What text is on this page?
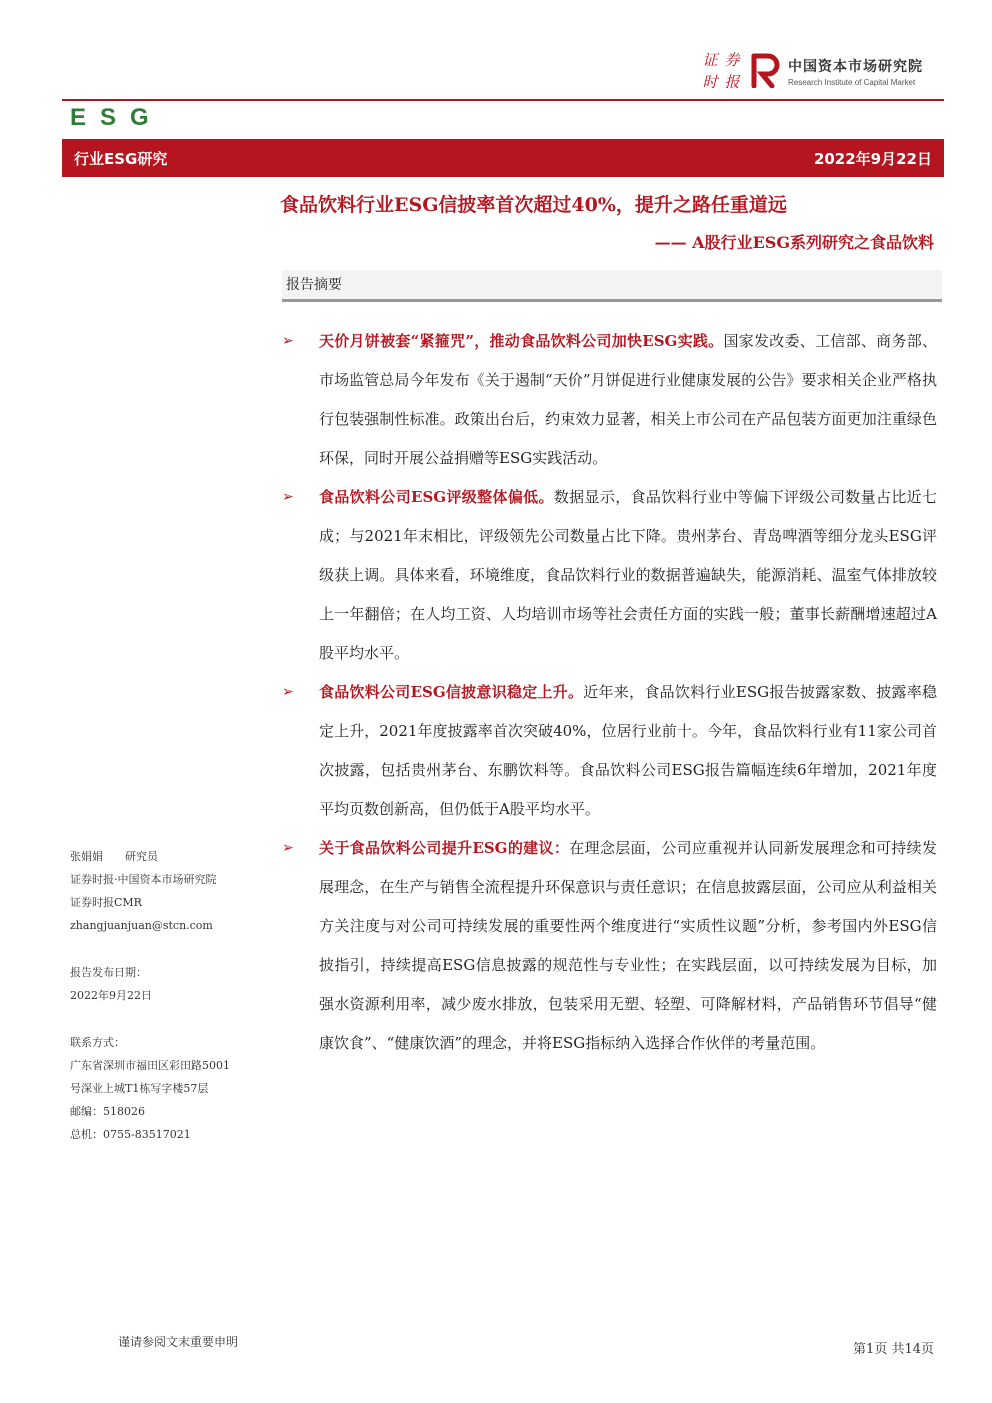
证 券
时 报
中国资本市场研究院
Research Institute of Capital Market
ESG
行业ESG研究	2022年9月22日
食品饮料行业ESG信披率首次超过40%，提升之路任重道远
—— A股行业ESG系列研究之食品饮料
报告摘要
➢ 天价月饼被套“紧箍咒”，推动食品饮料公司加快ESG实践。国家发改委、工信部、商务部、市场监管总局今年发布《关于遏制“天价”月饼促进行业健康发展的公告》要求相关企业严格执行包装强制性标准。政策出台后，约束效力显著，相关上市公司在产品包装方面更加注重绿色环保，同时开展公益捐赠等ESG实践活动。
➢ 食品饮料公司ESG评级整体偏低。数据显示，食品饮料行业中等偏下评级公司数量占比近七成；与2021年末相比，评级领先公司数量占比下降。贵州茅台、青岛啤酒等细分龙头ESG评级获上调。具体来看，环境维度，食品饮料行业的数据普遍缺失，能源消耗、温室气体排放较上一年翻倍；在人均工资、人均培训市场等社会责任方面的实践一般；董事长薪酬增速超过A股平均水平。
➢ 食品饮料公司ESG信披意识稳定上升。近年来，食品饮料行业ESG报告披露家数、披露率稳定上升，2021年度披露率首次突破40%，位居行业前十。今年，食品饮料行业有11家公司首次披露，包括贵州茅台、东鹏饮料等。食品饮料公司ESG报告篇幅连续6年增加，2021年度平均页数创新高，但仍低于A股平均水平。
➢ 关于食品饮料公司提升ESG的建议：在理念层面，公司应重视并认同新发展理念和可持续发展理念，在生产与销售全流程提升环保意识与责任意识；在信息披露层面，公司应从利益相关方关注度与对公司可持续发展的重要性两个维度进行“实质性议题”分析，参考国内外ESG信披指引，持续提高ESG信息披露的规范性与专业性；在实践层面，以可持续发展为目标，加强水资源利用率，减少废水排放，包装采用无塑、轻塑、可降解材料，产品销售环节倡导“健康饮食”、“健康饮酒”的理念，并将ESG指标纳入选择合作伙伴的考量范围。
张娟娟　　研究员
证券时报·中国资本市场研究院
证券时报CMR
zhangjuanjuan@stcn.com
报告发布日期：
2022年9月22日
联系方式：
广东省深圳市福田区彩田路5001
号深业上城T1栋写字楼57层
邮编：518026
总机：0755-83517021
谨请参阅文末重要申明	第1页 共14页
